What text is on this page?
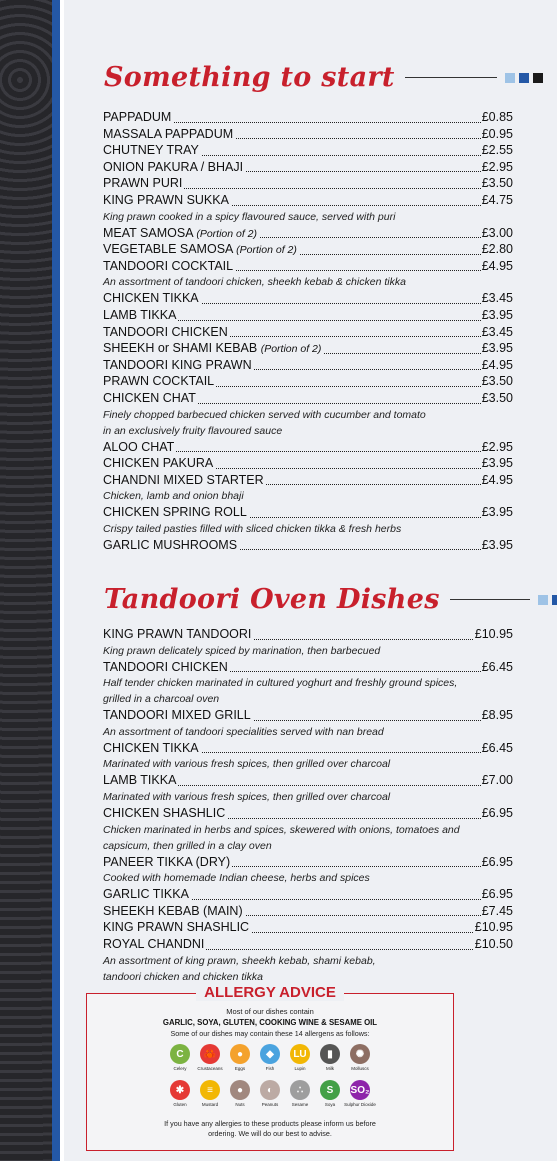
Something to start
PAPPADUM	£0.85
MASSALA PAPPADUM	£0.95
CHUTNEY TRAY	£2.55
ONION PAKURA / BHAJI	£2.95
PRAWN PURI	£3.50
KING PRAWN SUKKA	£4.75
King prawn cooked in a spicy flavoured sauce, served with puri
MEAT SAMOSA (Portion of 2)	£3.00
VEGETABLE SAMOSA (Portion of 2)	£2.80
TANDOORI COCKTAIL	£4.95
An assortment of tandoori chicken, sheekh kebab & chicken tikka
CHICKEN TIKKA	£3.45
LAMB TIKKA	£3.95
TANDOORI CHICKEN	£3.45
SHEEKH or SHAMI KEBAB (Portion of 2)	£3.95
TANDOORI KING PRAWN	£4.95
PRAWN COCKTAIL	£3.50
CHICKEN CHAT	£3.50
Finely chopped barbecued chicken served with cucumber and tomato
in an exclusively fruity flavoured sauce
ALOO CHAT	£2.95
CHICKEN PAKURA	£3.95
CHANDNI MIXED STARTER	£4.95
Chicken, lamb and onion bhaji
CHICKEN SPRING ROLL	£3.95
Crispy tailed pasties filled with sliced chicken tikka & fresh herbs
GARLIC MUSHROOMS	£3.95
Tandoori Oven Dishes
KING PRAWN TANDOORI	£10.95
King prawn delicately spiced by marination, then barbecued
TANDOORI CHICKEN	£6.45
Half tender chicken marinated in cultured yoghurt and freshly ground spices,
grilled in a charcoal oven
TANDOORI MIXED GRILL	£8.95
An assortment of tandoori specialities served with nan bread
CHICKEN TIKKA	£6.45
Marinated with various fresh spices, then grilled over charcoal
LAMB TIKKA	£7.00
Marinated with various fresh spices, then grilled over charcoal
CHICKEN SHASHLIC	£6.95
Chicken marinated in herbs and spices, skewered with onions, tomatoes and
capsicum, then grilled in a clay oven
PANEER TIKKA (DRY)	£6.95
Cooked with homemade Indian cheese, herbs and spices
GARLIC TIKKA	£6.95
SHEEKH KEBAB (MAIN)	£7.45
KING PRAWN SHASHLIC	£10.95
ROYAL CHANDNI	£10.50
An assortment of king prawn, sheekh kebab, shami kebab,
tandoori chicken and chicken tikka
ALLERGY ADVICE
Most of our dishes contain
GARLIC, SOYA, GLUTEN, COOKING WINE & SESAME OIL
Some of our dishes may contain these 14 allergens as follows:
C
Celery
🦀
Crustaceans
●
Eggs
◆
Fish
LU
Lupin
▮
Milk
✺
Molluscs
✱
Gluten
≡
Mustard
●
Nuts
◐
Peanuts
∴
Sesame
S
Soya
SO₂
Sulphur Dioxide
If you have any allergies to these products please inform us before
ordering. We will do our best to advise.
